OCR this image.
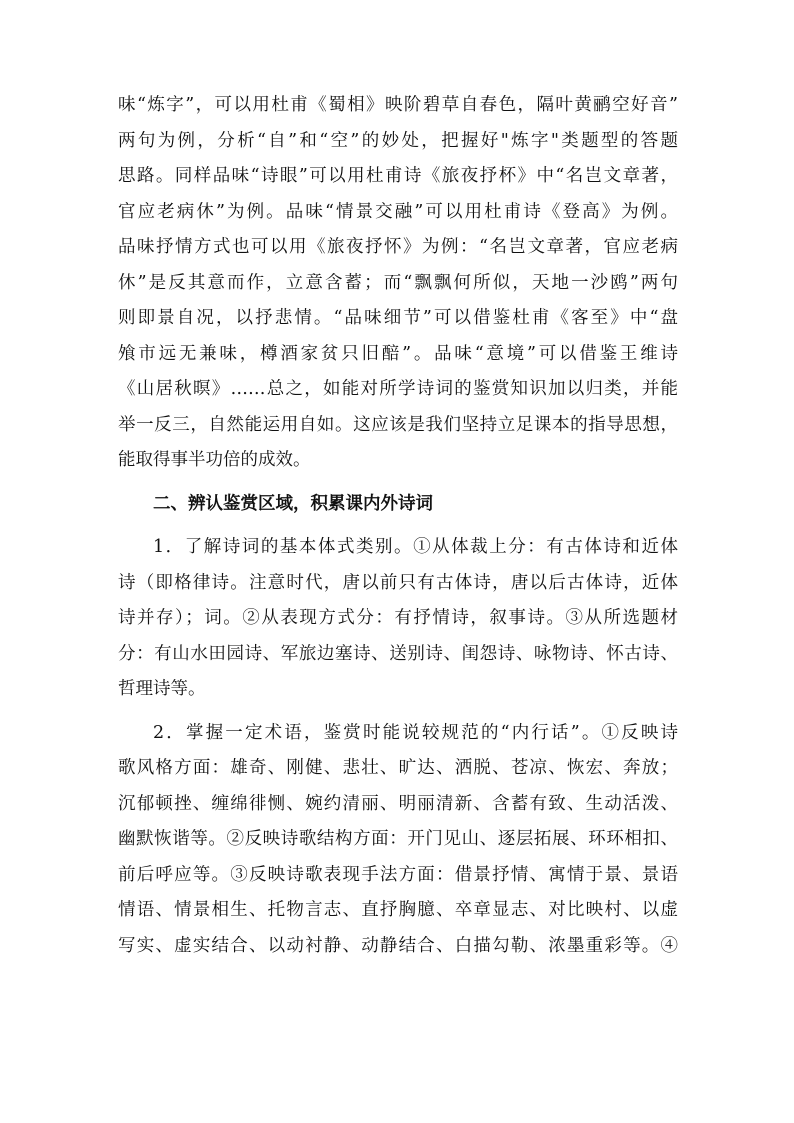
味“炼字”，可以用杜甫《蜀相》映阶碧草自春色，隔叶黄鹂空好音”
两句为例，分析“自”和“空”的妙处，把握好"炼字"类题型的答题
思路。同样品味“诗眼”可以用杜甫诗《旅夜抒杯》中“名岂文章著，
官应老病休”为例。品味“情景交融”可以用杜甫诗《登高》为例。
品味抒情方式也可以用《旅夜抒怀》为例：“名岂文章著，官应老病
休”是反其意而作，立意含蓄；而“飘飘何所似，天地一沙鸥”两句
则即景自况，以抒悲情。“品味细节”可以借鉴杜甫《客至》中“盘
飧市远无兼味，樽酒家贫只旧醅”。品味“意境”可以借鉴王维诗
《山居秋暝》……总之，如能对所学诗词的鉴赏知识加以归类，并能
举一反三，自然能运用自如。这应该是我们坚持立足课本的指导思想，
能取得事半功倍的成效。
二、辨认鉴赏区域，积累课内外诗词
1．了解诗词的基本体式类别。①从体裁上分：有古体诗和近体
诗（即格律诗。注意时代，唐以前只有古体诗，唐以后古体诗，近体
诗并存）；词。②从表现方式分：有抒情诗，叙事诗。③从所选题材
分：有山水田园诗、军旅边塞诗、送别诗、闺怨诗、咏物诗、怀古诗、
哲理诗等。
2．掌握一定术语，鉴赏时能说较规范的“内行话”。①反映诗
歌风格方面：雄奇、刚健、悲壮、旷达、洒脱、苍凉、恢宏、奔放；
沉郁顿挫、缠绵徘恻、婉约清丽、明丽清新、含蓄有致、生动活泼、
幽默恢谐等。②反映诗歌结构方面：开门见山、逐层拓展、环环相扣、
前后呼应等。③反映诗歌表现手法方面：借景抒情、寓情于景、景语
情语、情景相生、托物言志、直抒胸臆、卒章显志、对比映村、以虚
写实、虚实结合、以动衬静、动静结合、白描勾勒、浓墨重彩等。④
